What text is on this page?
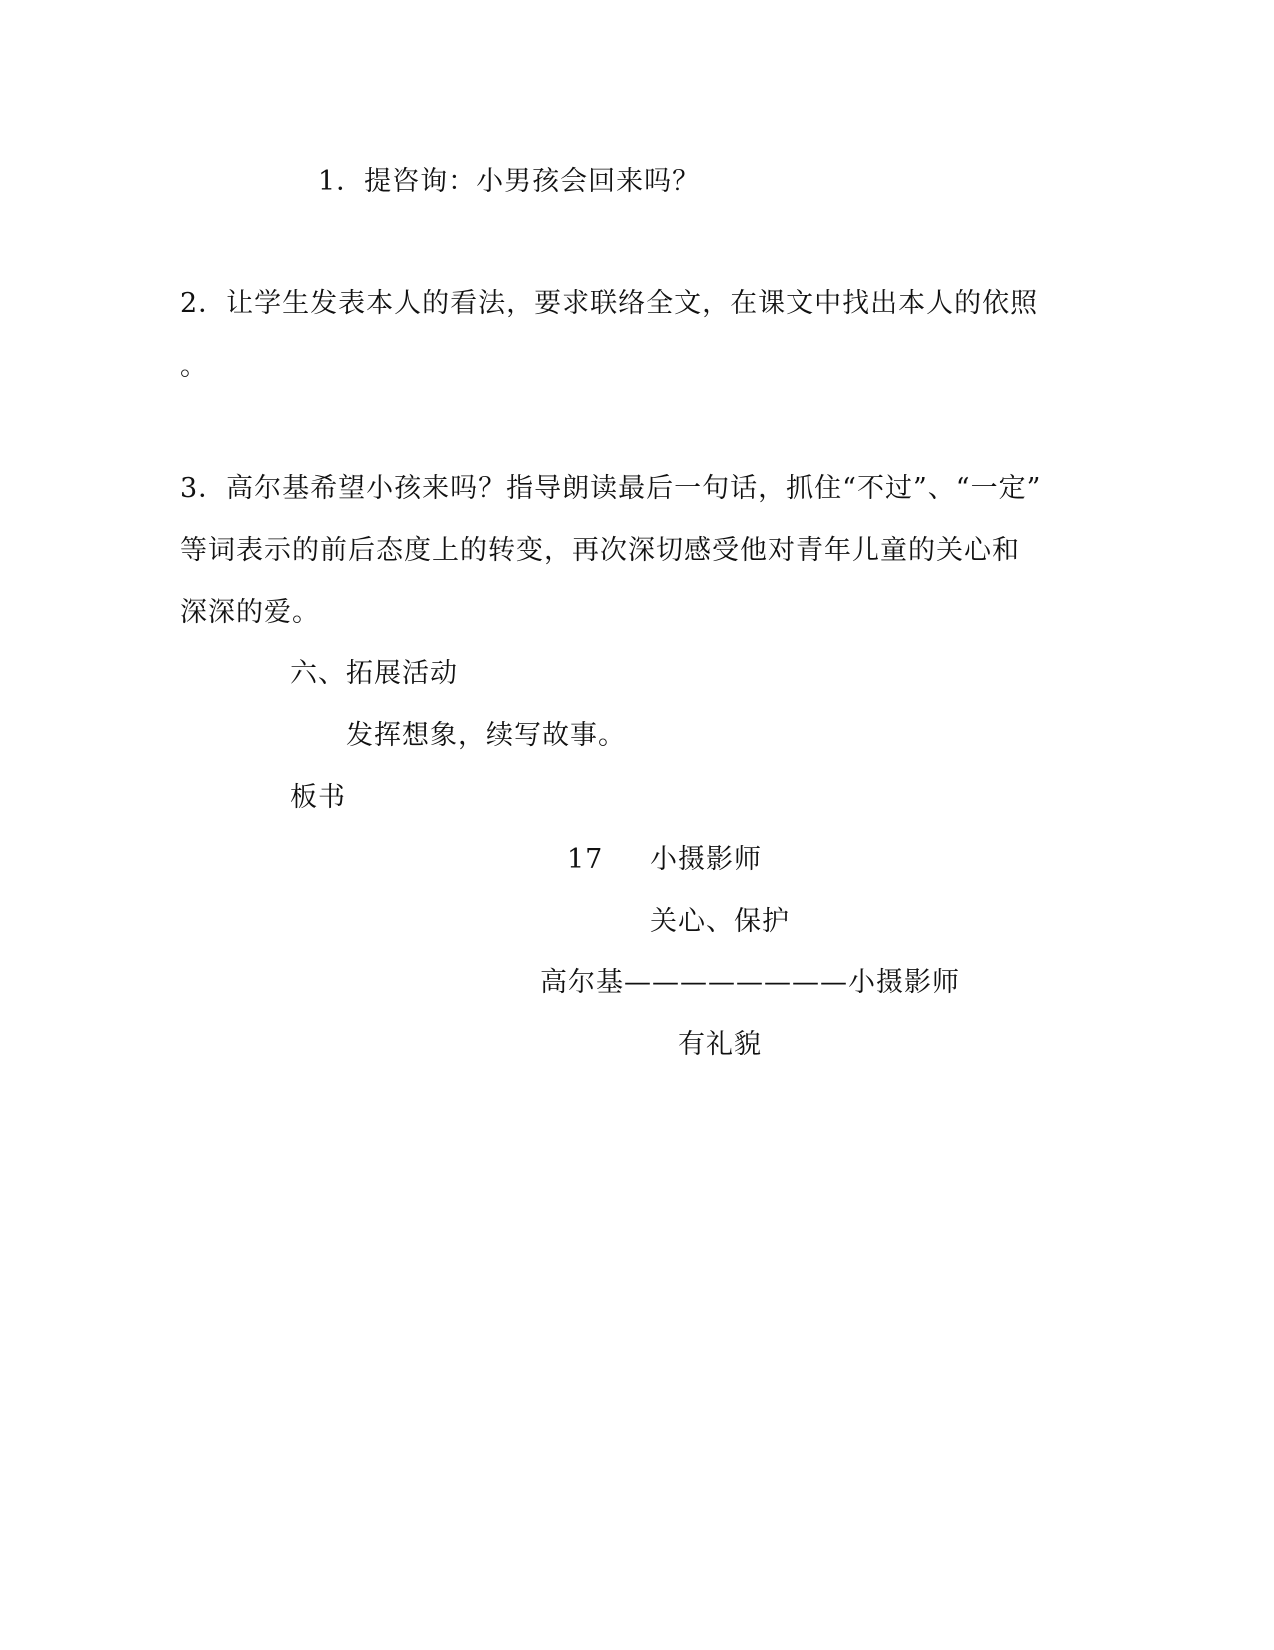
1．提咨询：小男孩会回来吗？
2．让学生发表本人的看法，要求联络全文，在课文中找出本人的依照
。
3．高尔基希望小孩来吗？指导朗读最后一句话，抓住“不过”、“一定”
等词表示的前后态度上的转变，再次深切感受他对青年儿童的关心和
深深的爱。
六、拓展活动
发挥想象，续写故事。
板书
17 小摄影师
关心、保护
高尔基————————小摄影师
有礼貌
